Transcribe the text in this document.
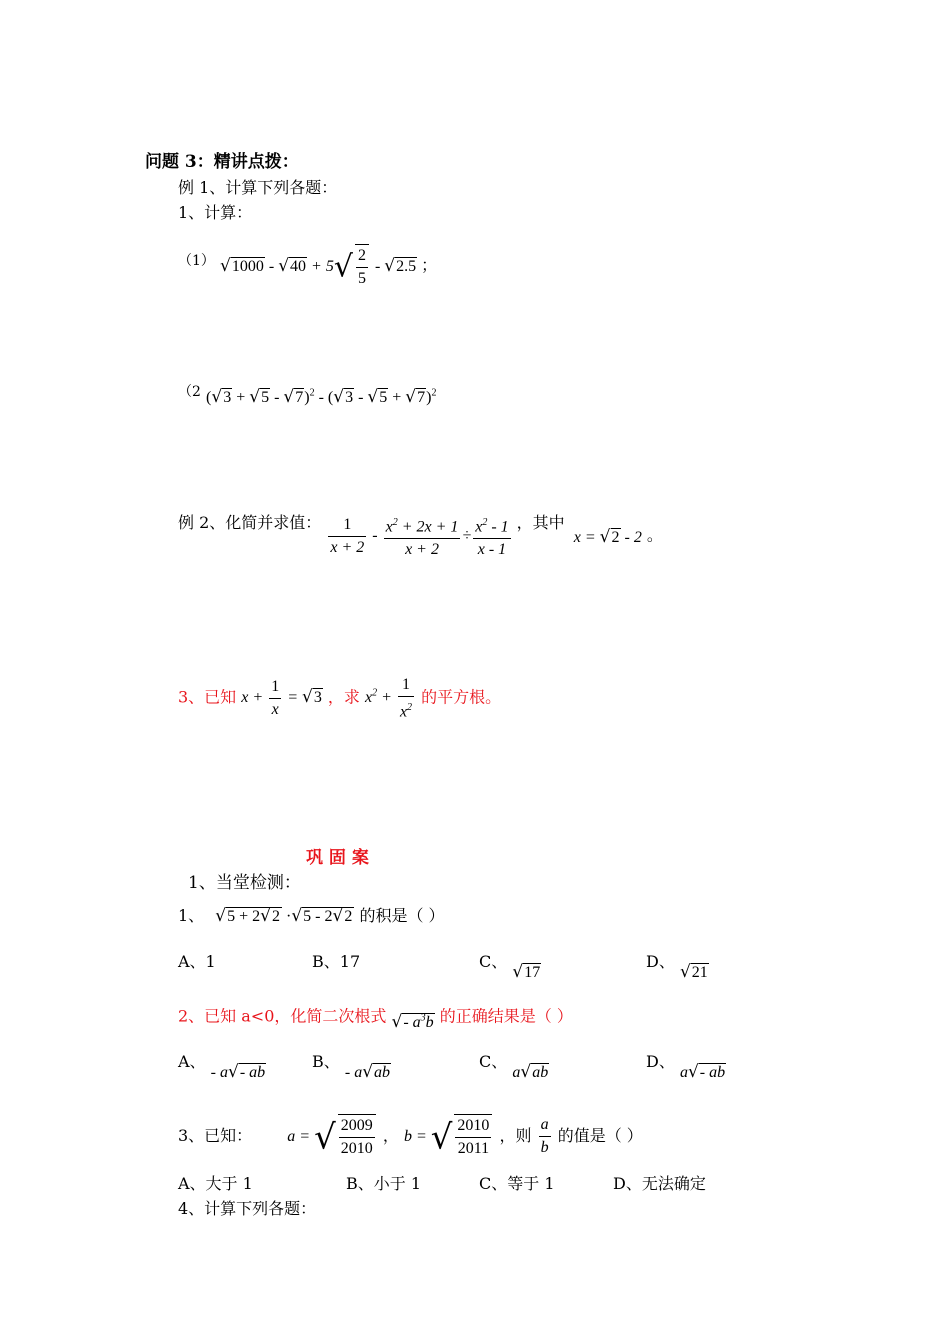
问题 3：精讲点拨：
例 1、计算下列各题：
1、计算：
（1） $√1000 - √40 + 5√ \frac{2}{5} - √2.5$ ；
（2 $(√3 + √5 - √7)^2 - (√3 - √5 + √7)^2$
例 2、化简并求值： $\frac{1}{x + 2} - \frac{x^2 + 2x + 1}{x + 2} \div \frac{x^2 - 1}{x - 1}$ ，其中 x = √2 - 2 。
3、已知 $x + \frac{1}{x} = √3$ ，求 $x^2 + \frac{1}{x^2}$ 的平方根。
巩 固 案
1、当堂检测：
1、 √5 + 2√2 ·√5 - 2√2 的积是（ ）
A、1	B、17	C、 √17
D、 √21
2、已知 a<0，化简二次根式 √- $a^3b$ 的正确结果是（ ）
A、 - a√- ab
B、 - a√ab
C、 a√ab
D、 a√- ab
3、已知： a = √ $\frac{2009}{2010}$ ， b = √ $\frac{2010}{2011}$ ，则 $\frac{a}{b}$ 的值是（ ）
A、大于 1	B、小于 1	C、等于 1	D、无法确定
4、计算下列各题：
